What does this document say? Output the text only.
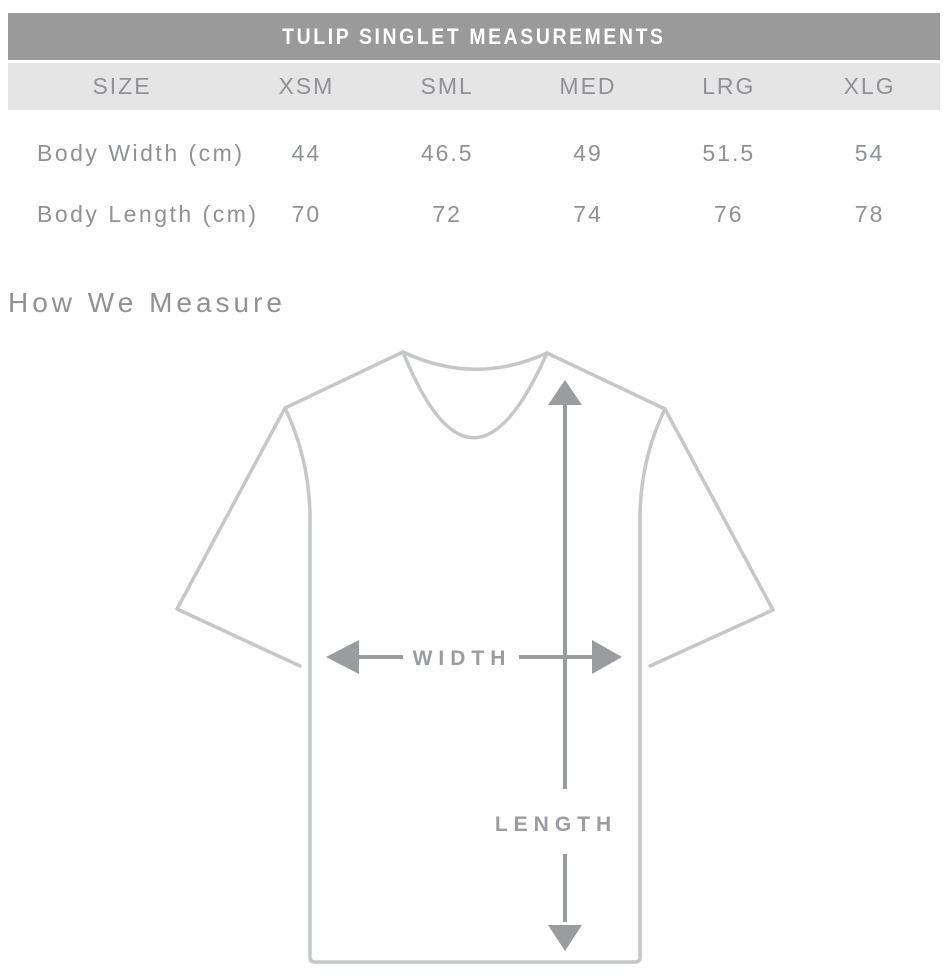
TULIP SINGLET MEASUREMENTS
SIZE	XSM	SML	MED	LRG	XLG
Body Width (cm)	44	46.5	49	51.5	54
Body Length (cm)	70	72	74	76	78
How We Measure
LENGTH
WIDTH
